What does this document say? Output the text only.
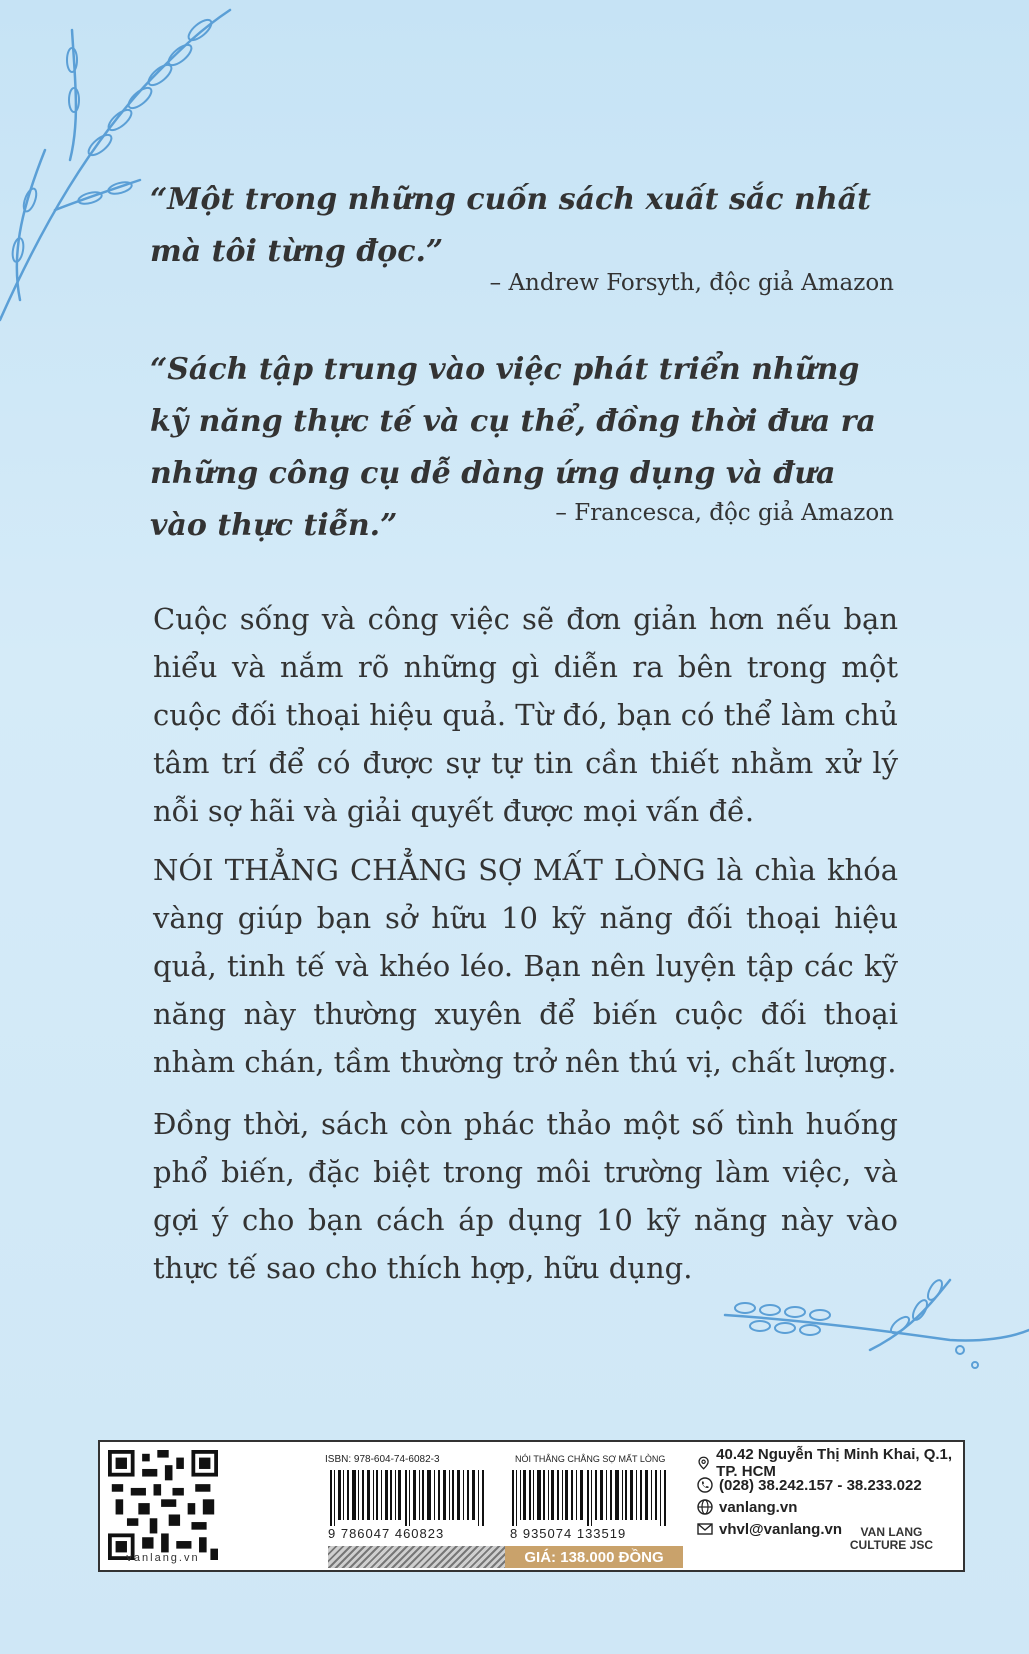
“Một trong những cuốn sách xuất sắc nhất mà tôi từng đọc.”
– Andrew Forsyth, độc giả Amazon
“Sách tập trung vào việc phát triển những kỹ năng thực tế và cụ thể, đồng thời đưa ra những công cụ dễ dàng ứng dụng và đưa vào thực tiễn.”	– Francesca, độc giả Amazon

Cuộc sống và công việc sẽ đơn giản hơn nếu bạn hiểu và nắm rõ những gì diễn ra bên trong một cuộc đối thoại hiệu quả. Từ đó, bạn có thể làm chủ tâm trí để có được sự tự tin cần thiết nhằm xử lý nỗi sợ hãi và giải quyết được mọi vấn đề.

NÓI THẲNG CHẲNG SỢ MẤT LÒNG là chìa khóa vàng giúp bạn sở hữu 10 kỹ năng đối thoại hiệu quả, tinh tế và khéo léo. Bạn nên luyện tập các kỹ năng này thường xuyên để biến cuộc đối thoại nhàm chán, tầm thường trở nên thú vị, chất lượng.

Đồng thời, sách còn phác thảo một số tình huống phổ biến, đặc biệt trong môi trường làm việc, và gợi ý cho bạn cách áp dụng 10 kỹ năng này vào thực tế sao cho thích hợp, hữu dụng.

vanlang.vn
ISBN: 978-604-74-6082-3	NÓI THẲNG CHẲNG SỢ MẤT LÒNG
9 786047 460823	8 935074 133519
GIÁ: 138.000 ĐỒNG
40.42 Nguyễn Thị Minh Khai, Q.1, TP. HCM
(028) 38.242.157 - 38.233.022
vanlang.vn
vhvl@vanlang.vn	VAN LANG
CULTURE JSC
